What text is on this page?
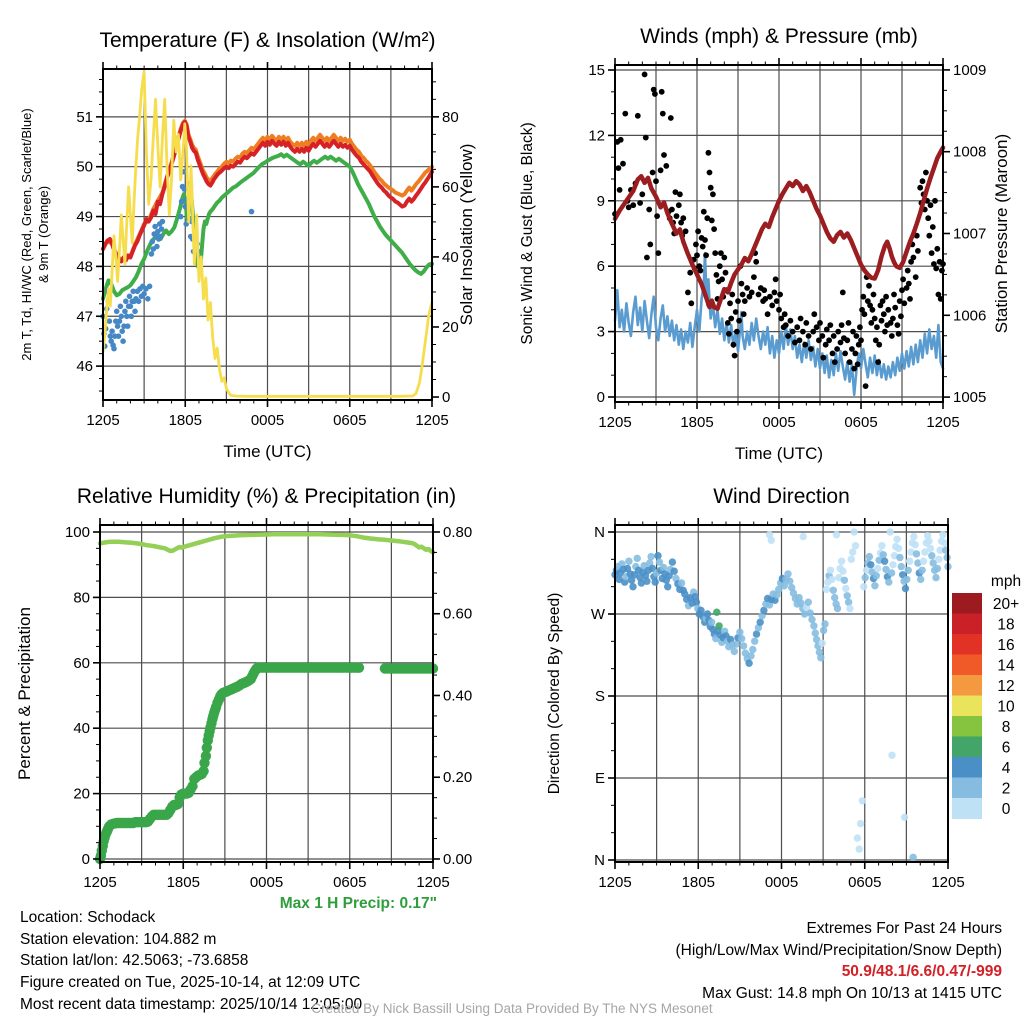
1205	1805	0005	0605	1205
Time (UTC)
46
47
48
49
50
51
0
20
40
60
80
2m T, Td, HI/WC (Red, Green, Scarlet/Blue) & 9m T (Orange)	Solar Insolation (Yellow)
Temperature (F) & Insolation (W/m²)
1205	1805	0005	0605	1205
Time (UTC)
0
3
6
9
12
15
1005
1006
1007
1008
1009
Sonic Wind & Gust (Blue, Black)	Station Pressure (Maroon)
Winds (mph) & Pressure (mb)
1205	1805	0005	0605	1205
0
20
40
60
80
100
0.00
0.20
0.40
0.60
0.80
Percent & Precipitation
Relative Humidity (%) & Precipitation (in)
1205	1805	0005	0605	1205
N
E
S
W
N
Direction (Colored By Speed)
Wind Direction
mph
20+
18
16
14
12
10
8
6
4
2
0
Location: Schodack
Station elevation: 104.882 m
Station lat/lon: 42.5063; -73.6858
Figure created on Tue, 2025-10-14, at 12:09 UTC
Most recent data timestamp: 2025/10/14 12:05:00
Max 1 H Precip: 0.17"
Extremes For Past 24 Hours
(High/Low/Max Wind/Precipitation/Snow Depth)
50.9/48.1/6.6/0.47/-999
Max Gust: 14.8 mph On 10/13 at 1415 UTC
Created By Nick Bassill Using Data Provided By The NYS Mesonet
